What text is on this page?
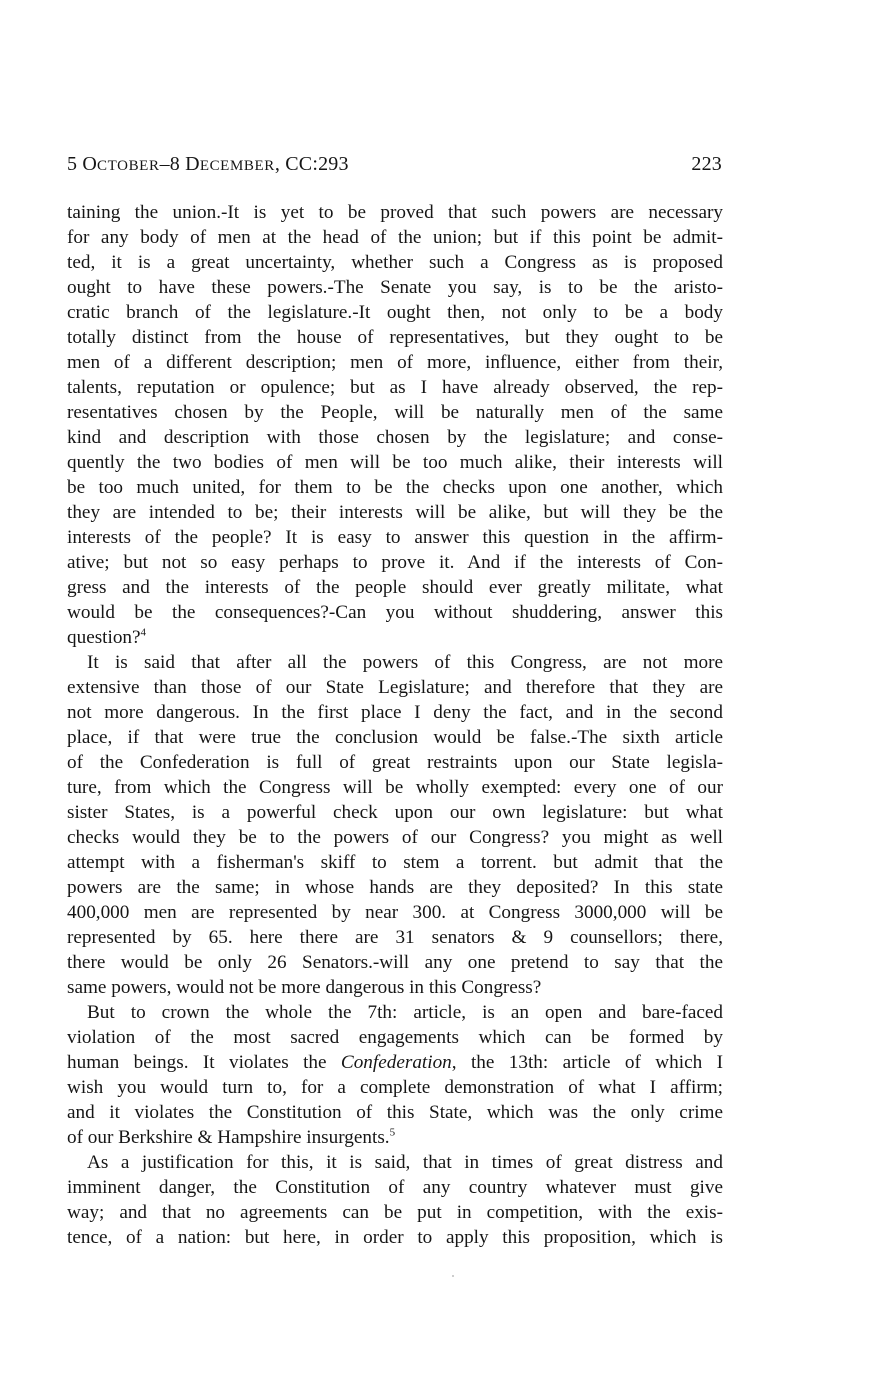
5 OCTOBER–8 DECEMBER, CC:293	223
taining the union.-It is yet to be proved that such powers are necessary
for any body of men at the head of the union; but if this point be admit-
ted, it is a great uncertainty, whether such a Congress as is proposed
ought to have these powers.-The Senate you say, is to be the aristo-
cratic branch of the legislature.-It ought then, not only to be a body
totally distinct from the house of representatives, but they ought to be
men of a different description; men of more, influence, either from their,
talents, reputation or opulence; but as I have already observed, the rep-
resentatives chosen by the People, will be naturally men of the same
kind and description with those chosen by the legislature; and conse-
quently the two bodies of men will be too much alike, their interests will
be too much united, for them to be the checks upon one another, which
they are intended to be; their interests will be alike, but will they be the
interests of the people? It is easy to answer this question in the affirm-
ative; but not so easy perhaps to prove it. And if the interests of Con-
gress and the interests of the people should ever greatly militate, what
would be the consequences?-Can you without shuddering, answer this
question?$^4$
It is said that after all the powers of this Congress, are not more
extensive than those of our State Legislature; and therefore that they are
not more dangerous. In the first place I deny the fact, and in the second
place, if that were true the conclusion would be false.-The sixth article
of the Confederation is full of great restraints upon our State legisla-
ture, from which the Congress will be wholly exempted: every one of our
sister States, is a powerful check upon our own legislature: but what
checks would they be to the powers of our Congress? you might as well
attempt with a fisherman's skiff to stem a torrent. but admit that the
powers are the same; in whose hands are they deposited? In this state
400,000 men are represented by near 300. at Congress 3000,000 will be
represented by 65. here there are 31 senators & 9 counsellors; there,
there would be only 26 Senators.-will any one pretend to say that the
same powers, would not be more dangerous in this Congress?
But to crown the whole the 7th: article, is an open and bare-faced
violation of the most sacred engagements which can be formed by
human beings. It violates the Confederation, the 13th: article of which I
wish you would turn to, for a complete demonstration of what I affirm;
and it violates the Constitution of this State, which was the only crime
of our Berkshire & Hampshire insurgents.$^5$
As a justification for this, it is said, that in times of great distress and
imminent danger, the Constitution of any country whatever must give
way; and that no agreements can be put in competition, with the exis-
tence, of a nation: but here, in order to apply this proposition, which is
